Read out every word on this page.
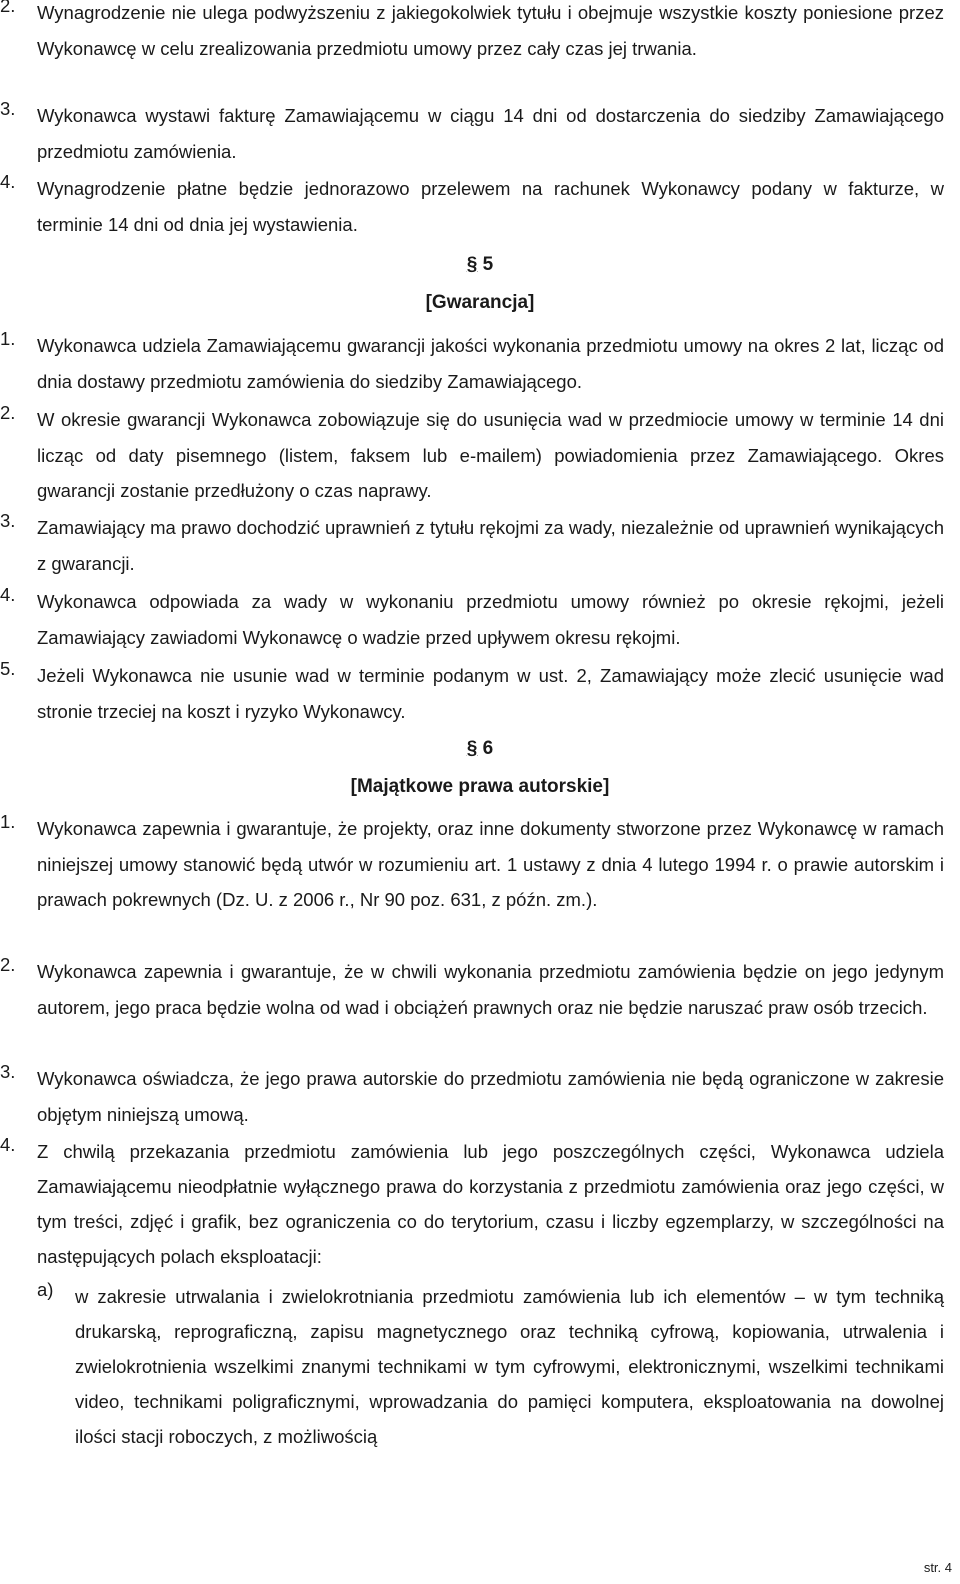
2.	Wynagrodzenie nie ulega podwyższeniu z jakiegokolwiek tytułu i obejmuje wszystkie koszty poniesione przez Wykonawcę w celu zrealizowania przedmiotu umowy przez cały czas jej trwania.
3.	Wykonawca wystawi fakturę Zamawiającemu w ciągu 14 dni od dostarczenia do siedziby Zamawiającego przedmiotu zamówienia.
4.	Wynagrodzenie płatne będzie jednorazowo przelewem na rachunek Wykonawcy podany w fakturze, w terminie 14 dni od dnia jej wystawienia.
§ 5
[Gwarancja]
1.	Wykonawca udziela Zamawiającemu gwarancji jakości wykonania przedmiotu umowy na okres 2 lat, licząc od dnia dostawy przedmiotu zamówienia do siedziby Zamawiającego.
2.	W okresie gwarancji Wykonawca zobowiązuje się do usunięcia wad w przedmiocie umowy w terminie 14 dni licząc od daty pisemnego (listem, faksem lub e-mailem) powiadomienia przez Zamawiającego. Okres gwarancji zostanie przedłużony o czas naprawy.
3.	Zamawiający ma prawo dochodzić uprawnień z tytułu rękojmi za wady, niezależnie od uprawnień wynikających z gwarancji.
4.	Wykonawca odpowiada za wady w wykonaniu przedmiotu umowy również po okresie rękojmi, jeżeli Zamawiający zawiadomi Wykonawcę o wadzie przed upływem okresu rękojmi.
5.	Jeżeli Wykonawca nie usunie wad w terminie podanym w ust. 2, Zamawiający może zlecić usunięcie wad stronie trzeciej na koszt i ryzyko Wykonawcy.
§ 6
[Majątkowe prawa autorskie]
1.	Wykonawca zapewnia i gwarantuje, że projekty, oraz inne dokumenty stworzone przez Wykonawcę w ramach niniejszej umowy stanowić będą utwór w rozumieniu art. 1 ustawy z dnia 4 lutego 1994 r. o prawie autorskim i prawach pokrewnych (Dz. U. z 2006 r., Nr 90 poz. 631, z późn. zm.).
2.	Wykonawca zapewnia i gwarantuje, że w chwili wykonania przedmiotu zamówienia będzie on jego jedynym autorem, jego praca będzie wolna od wad i obciążeń prawnych oraz nie będzie naruszać praw osób trzecich.
3.	Wykonawca oświadcza, że jego prawa autorskie do przedmiotu zamówienia nie będą ograniczone w zakresie objętym niniejszą umową.
4.	Z chwilą przekazania przedmiotu zamówienia lub jego poszczególnych części, Wykonawca udziela Zamawiającemu nieodpłatnie wyłącznego prawa do korzystania z przedmiotu zamówienia oraz jego części, w tym treści, zdjęć i grafik, bez ograniczenia co do terytorium, czasu i liczby egzemplarzy, w szczególności na następujących polach eksploatacji:
a)	w zakresie utrwalania i zwielokrotniania przedmiotu zamówienia lub ich elementów – w tym techniką drukarską, reprograficzną, zapisu magnetycznego oraz techniką cyfrową, kopiowania, utrwalenia i zwielokrotnienia wszelkimi znanymi technikami w tym cyfrowymi, elektronicznymi, wszelkimi technikami video, technikami poligraficznymi, wprowadzania do pamięci komputera, eksploatowania na dowolnej ilości stacji roboczych, z możliwością
str. 4
